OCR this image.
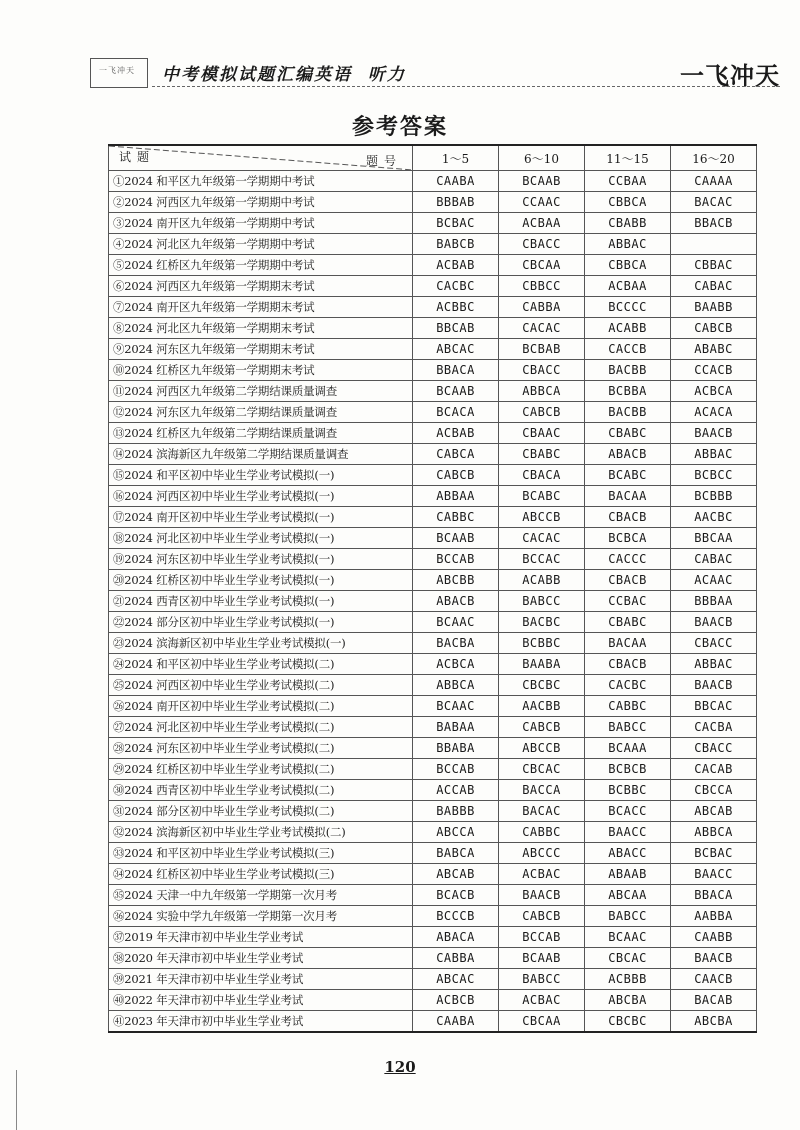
一飞冲天 中考模拟试题汇编英语  听力	一飞冲天
参考答案
试题 题号	1～5	6～10	11～15	16～20
①2024 和平区九年级第一学期期中考试	CAABA	BCAAB	CCBAA	CAAAA
②2024 河西区九年级第一学期期中考试	BBBAB	CCAAC	CBBCA	BACAC
③2024 南开区九年级第一学期期中考试	BCBAC	ACBAA	CBABB	BBACB
④2024 河北区九年级第一学期期中考试	BABCB	CBACC	ABBAC	
⑤2024 红桥区九年级第一学期期中考试	ACBAB	CBCAA	CBBCA	CBBAC
⑥2024 河西区九年级第一学期期末考试	CACBC	CBBCC	ACBAA	CABAC
⑦2024 南开区九年级第一学期期末考试	ACBBC	CABBA	BCCCC	BAABB
⑧2024 河北区九年级第一学期期末考试	BBCAB	CACAC	ACABB	CABCB
⑨2024 河东区九年级第一学期期末考试	ABCAC	BCBAB	CACCB	ABABC
⑩2024 红桥区九年级第一学期期末考试	BBACA	CBACC	BACBB	CCACB
⑪2024 河西区九年级第二学期结课质量调查	BCAAB	ABBCA	BCBBA	ACBCA
⑫2024 河东区九年级第二学期结课质量调查	BCACA	CABCB	BACBB	ACACA
⑬2024 红桥区九年级第二学期结课质量调查	ACBAB	CBAAC	CBABC	BAACB
⑭2024 滨海新区九年级第二学期结课质量调查	CABCA	CBABC	ABACB	ABBAC
⑮2024 和平区初中毕业生学业考试模拟(一)	CABCB	CBACA	BCABC	BCBCC
⑯2024 河西区初中毕业生学业考试模拟(一)	ABBAA	BCABC	BACAA	BCBBB
⑰2024 南开区初中毕业生学业考试模拟(一)	CABBC	ABCCB	CBACB	AACBC
⑱2024 河北区初中毕业生学业考试模拟(一)	BCAAB	CACAC	BCBCA	BBCAA
⑲2024 河东区初中毕业生学业考试模拟(一)	BCCAB	BCCAC	CACCC	CABAC
⑳2024 红桥区初中毕业生学业考试模拟(一)	ABCBB	ACABB	CBACB	ACAAC
㉑2024 西青区初中毕业生学业考试模拟(一)	ABACB	BABCC	CCBAC	BBBAA
㉒2024 部分区初中毕业生学业考试模拟(一)	BCAAC	BACBC	CBABC	BAACB
㉓2024 滨海新区初中毕业生学业考试模拟(一)	BACBA	BCBBC	BACAA	CBACC
㉔2024 和平区初中毕业生学业考试模拟(二)	ACBCA	BAABA	CBACB	ABBAC
㉕2024 河西区初中毕业生学业考试模拟(二)	ABBCA	CBCBC	CACBC	BAACB
㉖2024 南开区初中毕业生学业考试模拟(二)	BCAAC	AACBB	CABBC	BBCAC
㉗2024 河北区初中毕业生学业考试模拟(二)	BABAA	CABCB	BABCC	CACBA
㉘2024 河东区初中毕业生学业考试模拟(二)	BBABA	ABCCB	BCAAA	CBACC
㉙2024 红桥区初中毕业生学业考试模拟(二)	BCCAB	CBCAC	BCBCB	CACAB
㉚2024 西青区初中毕业生学业考试模拟(二)	ACCAB	BACCA	BCBBC	CBCCA
㉛2024 部分区初中毕业生学业考试模拟(二)	BABBB	BACAC	BCACC	ABCAB
㉜2024 滨海新区初中毕业生学业考试模拟(二)	ABCCA	CABBC	BAACC	ABBCA
㉝2024 和平区初中毕业生学业考试模拟(三)	BABCA	ABCCC	ABACC	BCBAC
㉞2024 红桥区初中毕业生学业考试模拟(三)	ABCAB	ACBAC	ABAAB	BAACC
㉟2024 天津一中九年级第一学期第一次月考	BCACB	BAACB	ABCAA	BBACA
㊱2024 实验中学九年级第一学期第一次月考	BCCCB	CABCB	BABCC	AABBA
㊲2019 年天津市初中毕业生学业考试	ABACA	BCCAB	BCAAC	CAABB
㊳2020 年天津市初中毕业生学业考试	CABBA	BCAAB	CBCAC	BAACB
㊴2021 年天津市初中毕业生学业考试	ABCAC	BABCC	ACBBB	CAACB
㊵2022 年天津市初中毕业生学业考试	ACBCB	ACBAC	ABCBA	BACAB
㊶2023 年天津市初中毕业生学业考试	CAABA	CBCAA	CBCBC	ABCBA
120
